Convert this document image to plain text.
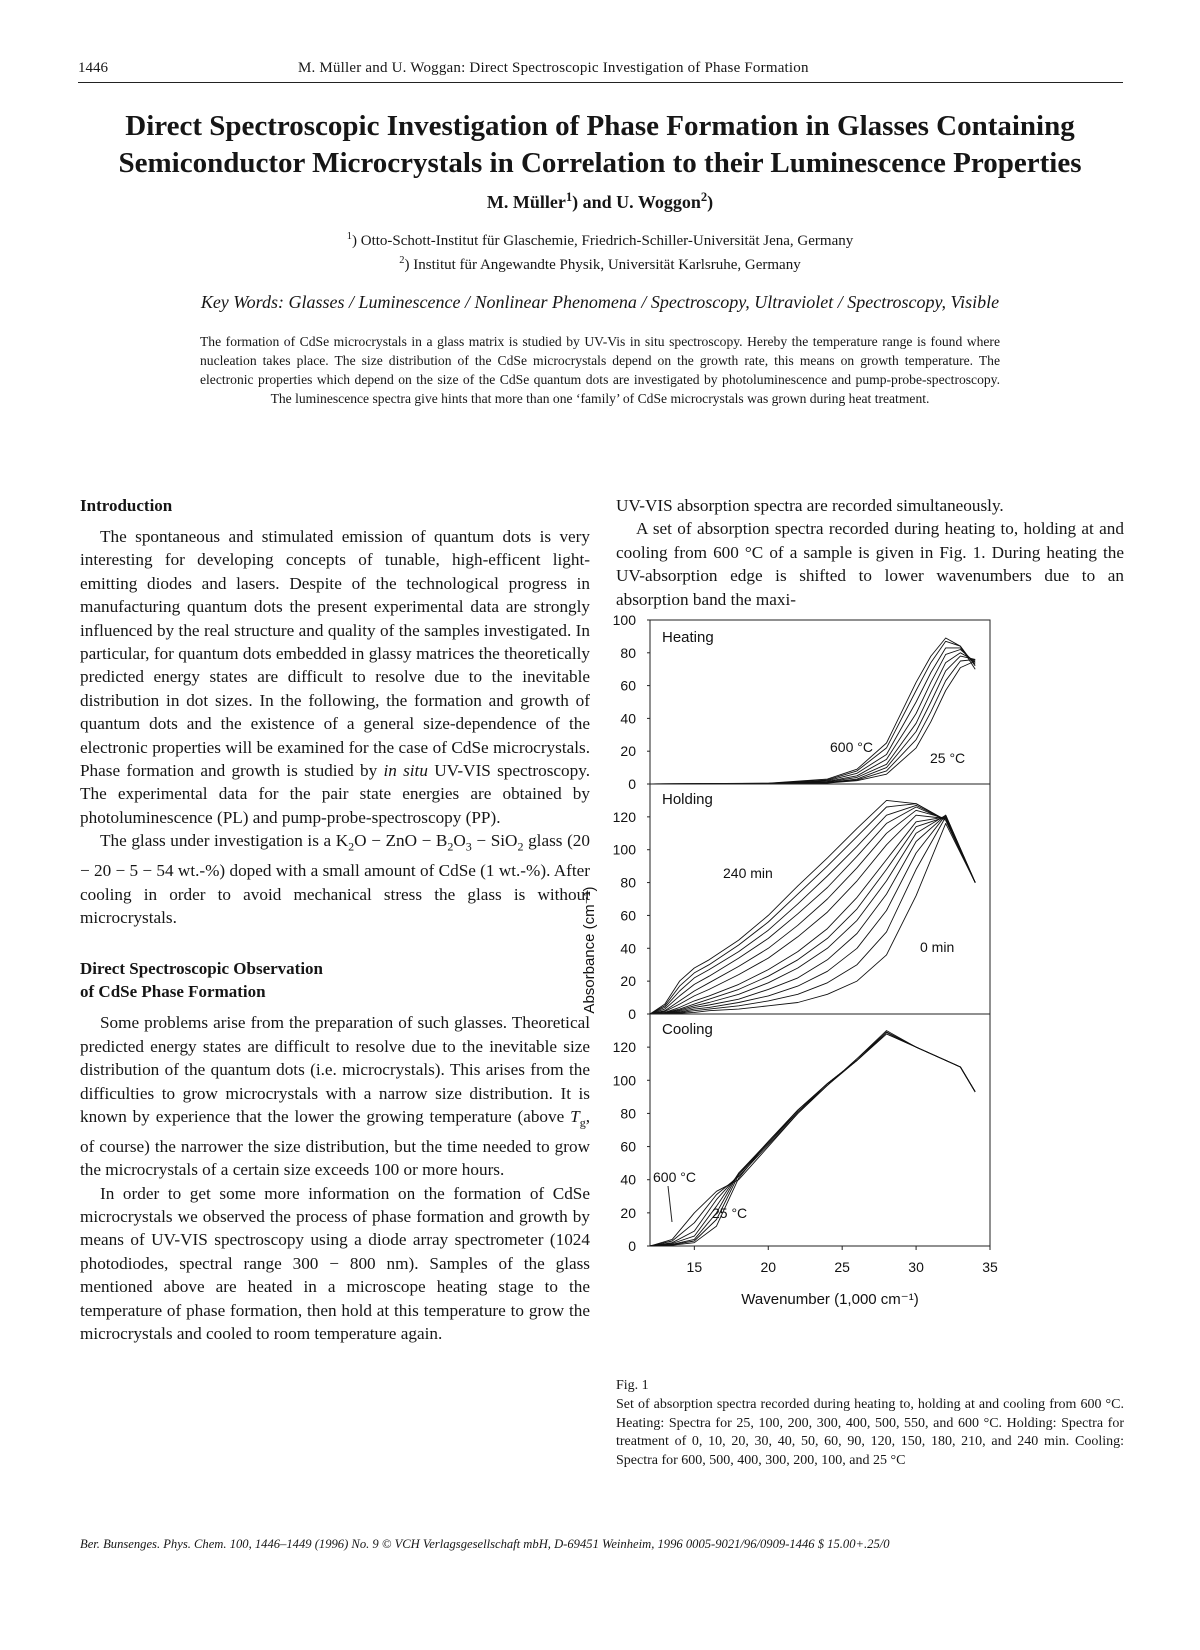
1446	M. Müller and U. Woggan: Direct Spectroscopic Investigation of Phase Formation
Direct Spectroscopic Investigation of Phase Formation in Glasses Containing
Semiconductor Microcrystals in Correlation to their Luminescence Properties
M. Müller$^1$) and U. Woggon$^2$)
$^1$) Otto-Schott-Institut für Glaschemie, Friedrich-Schiller-Universität Jena, Germany
$^2$) Institut für Angewandte Physik, Universität Karlsruhe, Germany
Key Words: Glasses / Luminescence / Nonlinear Phenomena / Spectroscopy, Ultraviolet / Spectroscopy, Visible
The formation of CdSe microcrystals in a glass matrix is studied by UV-Vis in situ spectroscopy. Hereby the temperature range is found where nucleation takes place. The size distribution of the CdSe microcrystals depend on the growth rate, this means on growth temperature. The electronic properties which depend on the size of the CdSe quantum dots are investigated by photoluminescence and pump-probe-spectroscopy. The luminescence spectra give hints that more than one ‘family’ of CdSe microcrystals was grown during heat treatment.
Introduction

The spontaneous and stimulated emission of quantum dots is very interesting for developing concepts of tunable, high-efficent light-emitting diodes and lasers. Despite of the technological progress in manufacturing quantum dots the present experimental data are strongly influenced by the real structure and quality of the samples investigated. In particular, for quantum dots embedded in glassy matrices the theoretically predicted energy states are difficult to resolve due to the inevitable distribution in dot sizes. In the following, the formation and growth of quantum dots and the existence of a general size-dependence of the electronic properties will be examined for the case of CdSe microcrystals. Phase formation and growth is studied by in situ UV-VIS spectroscopy. The experimental data for the pair state energies are obtained by photoluminescence (PL) and pump-probe-spectroscopy (PP).

The glass under investigation is a $K_2O$ − ZnO − $B_2O_3 - SiO_2$ glass (20 − 20 − 5 − 54 wt.-%) doped with a small amount of CdSe (1 wt.-%). After cooling in order to avoid mechanical stress the glass is without microcrystals.

Direct Spectroscopic Observation
of CdSe Phase Formation

Some problems arise from the preparation of such glasses. Theoretical predicted energy states are difficult to resolve due to the inevitable size distribution of the quantum dots (i.e. microcrystals). This arises from the difficulties to grow microcrystals with a narrow size distribution. It is known by experience that the lower the growing temperature (above $T_g$, of course) the narrower the size distribution, but the time needed to grow the microcrystals of a certain size exceeds 100 or more hours.

In order to get some more information on the formation of CdSe microcrystals we observed the process of phase formation and growth by means of UV-VIS spectroscopy using a diode array spectrometer (1024 photodiodes, spectral range 300 − 800 nm). Samples of the glass mentioned above are heated in a microscope heating stage to the temperature of phase formation, then hold at this temperature to grow the microcrystals and cooled to room temperature again.

UV-VIS absorption spectra are recorded simultaneously.

A set of absorption spectra recorded during heating to, holding at and cooling from 600 °C of a sample is given in Fig. 1. During heating the UV-absorption edge is shifted to lower wavenumbers due to an absorption band the maxi-

0
20
40
60
80
100
Heating
600 °C
25 °C
0
20
40
60
80
100
120
Holding
240 min
0 min
0
20
40
60
80
100
120
Cooling
600 °C
25 °C
15	20	25	30	35
Wavenumber (1,000 cm⁻¹)
Absorbance (cm⁻¹)
Fig. 1
Set of absorption spectra recorded during heating to, holding at and cooling from 600 °C. Heating: Spectra for 25, 100, 200, 300, 400, 500, 550, and 600 °C. Holding: Spectra for treatment of 0, 10, 20, 30, 40, 50, 60, 90, 120, 150, 180, 210, and 240 min. Cooling: Spectra for 600, 500, 400, 300, 200, 100, and 25 °C
Ber. Bunsenges. Phys. Chem. 100, 1446–1449 (1996) No. 9 © VCH Verlagsgesellschaft mbH, D-69451 Weinheim, 1996 0005-9021/96/0909-1446 $ 15.00+.25/0
